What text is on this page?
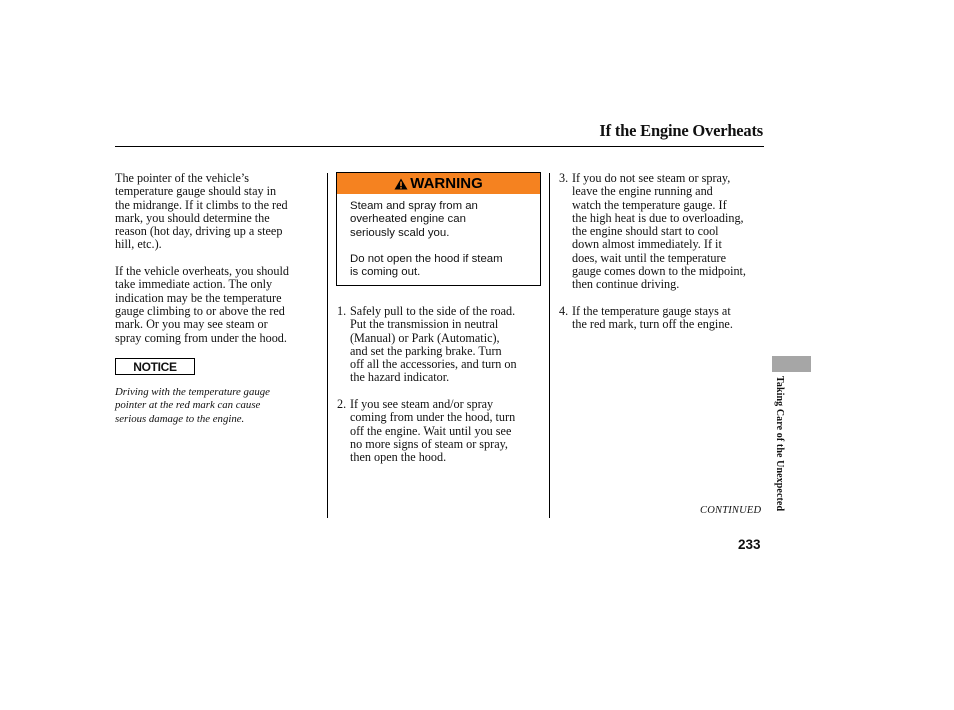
If the Engine Overheats

The pointer of the vehicle’s
temperature gauge should stay in
the midrange. If it climbs to the red
mark, you should determine the
reason (hot day, driving up a steep
hill, etc.).

If the vehicle overheats, you should
take immediate action. The only
indication may be the temperature
gauge climbing to or above the red
mark. Or you may see steam or
spray coming from under the hood.

NOTICE
Driving with the temperature gauge
pointer at the red mark can cause
serious damage to the engine.
WARNING

Steam and spray from an
overheated engine can
seriously scald you.

Do not open the hood if steam
is coming out.

1. Safely pull to the side of the road.
Put the transmission in neutral
(Manual) or Park (Automatic),
and set the parking brake. Turn
off all the accessories, and turn on
the hazard indicator.
2. If you see steam and/or spray
coming from under the hood, turn
off the engine. Wait until you see
no more signs of steam or spray,
then open the hood.
3. If you do not see steam or spray,
leave the engine running and
watch the temperature gauge. If
the high heat is due to overloading,
the engine should start to cool
down almost immediately. If it
does, wait until the temperature
gauge comes down to the midpoint,
then continue driving.
4. If the temperature gauge stays at
the red mark, turn off the engine.
Taking Care of the Unexpected
CONTINUED
233
